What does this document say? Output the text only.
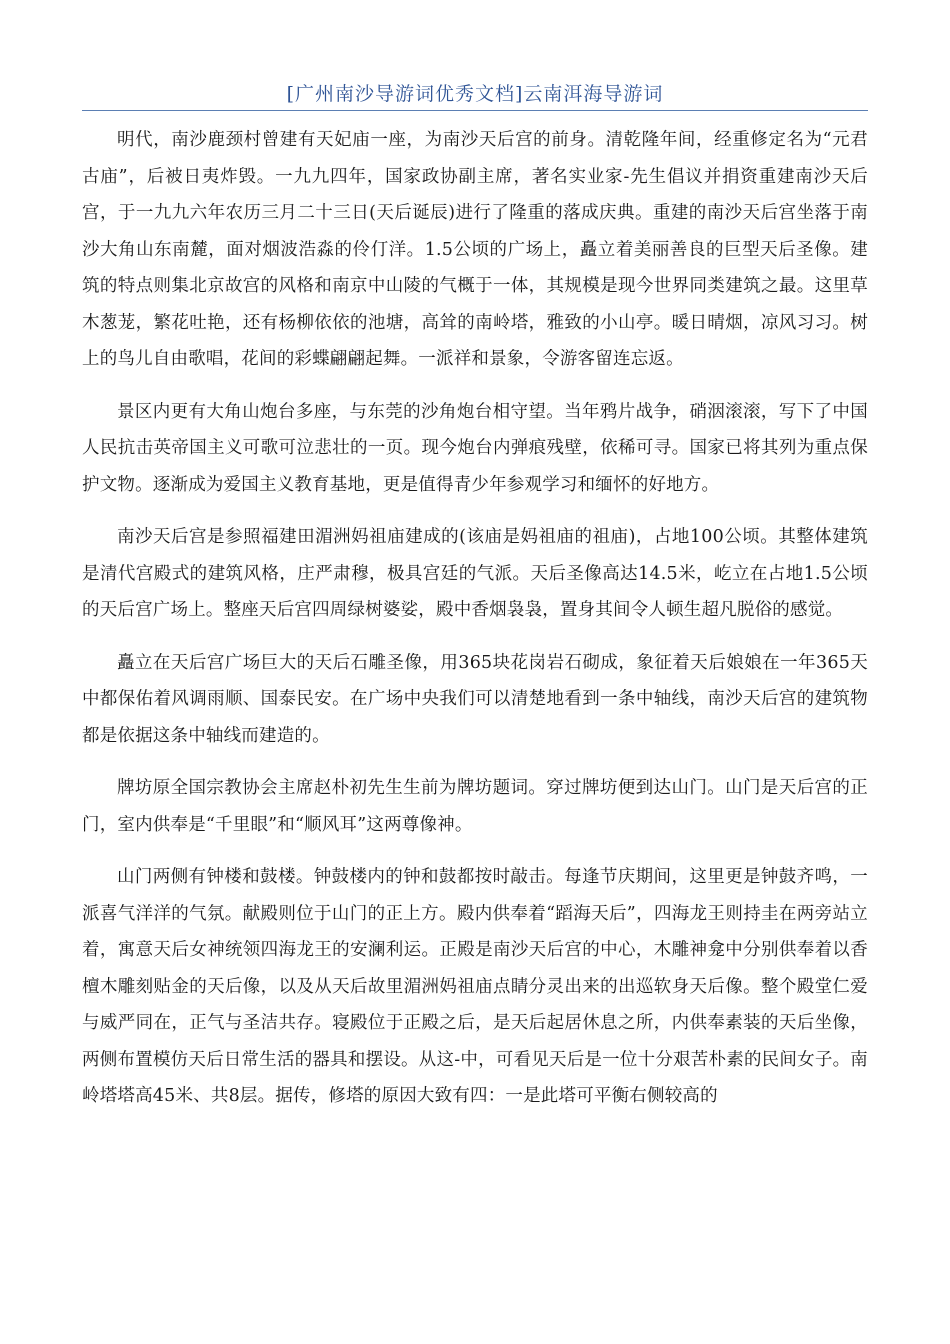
[广州南沙导游词优秀文档]云南洱海导游词

明代，南沙鹿颈村曾建有天妃庙一座，为南沙天后宫的前身。清乾隆年间，经重修定名为“元君古庙”，后被日夷炸毁。一九九四年，国家政协副主席，著名实业家-先生倡议并捐资重建南沙天后宫，于一九九六年农历三月二十三日(天后诞辰)进行了隆重的落成庆典。重建的南沙天后宫坐落于南沙大角山东南麓，面对烟波浩淼的伶仃洋。1.5公顷的广场上，矗立着美丽善良的巨型天后圣像。建筑的特点则集北京故宫的风格和南京中山陵的气概于一体，其规模是现今世界同类建筑之最。这里草木葱茏，繁花吐艳，还有杨柳依依的池塘，高耸的南岭塔，雅致的小山亭。暖日晴烟，凉风习习。树上的鸟儿自由歌唱，花间的彩蝶翩翩起舞。一派祥和景象，令游客留连忘返。

景区内更有大角山炮台多座，与东莞的沙角炮台相守望。当年鸦片战争，硝洇滚滚，写下了中国人民抗击英帝国主义可歌可泣悲壮的一页。现今炮台内弹痕残壁，依稀可寻。国家已将其列为重点保护文物。逐渐成为爱国主义教育基地，更是值得青少年参观学习和缅怀的好地方。

南沙天后宫是参照福建田湄洲妈祖庙建成的(该庙是妈祖庙的祖庙)，占地100公顷。其整体建筑是清代宫殿式的建筑风格，庄严肃穆，极具宫廷的气派。天后圣像高达14.5米，屹立在占地1.5公顷的天后宫广场上。整座天后宫四周绿树婆娑，殿中香烟袅袅，置身其间令人顿生超凡脱俗的感觉。

矗立在天后宫广场巨大的天后石雕圣像，用365块花岗岩石砌成，象征着天后娘娘在一年365天中都保佑着风调雨顺、国泰民安。在广场中央我们可以清楚地看到一条中轴线，南沙天后宫的建筑物都是依据这条中轴线而建造的。

牌坊原全国宗教协会主席赵朴初先生生前为牌坊题词。穿过牌坊便到达山门。山门是天后宫的正门，室内供奉是“千里眼”和“顺风耳”这两尊像神。

山门两侧有钟楼和鼓楼。钟鼓楼内的钟和鼓都按时敲击。每逢节庆期间，这里更是钟鼓齐鸣，一派喜气洋洋的气氛。献殿则位于山门的正上方。殿内供奉着“蹈海天后”，四海龙王则持圭在两旁站立着，寓意天后女神统领四海龙王的安澜利运。正殿是南沙天后宫的中心，木雕神龛中分别供奉着以香檀木雕刻贴金的天后像，以及从天后故里湄洲妈祖庙点睛分灵出来的出巡软身天后像。整个殿堂仁爱与威严同在，正气与圣洁共存。寝殿位于正殿之后，是天后起居休息之所，内供奉素装的天后坐像，两侧布置模仿天后日常生活的器具和摆设。从这-中，可看见天后是一位十分艰苦朴素的民间女子。南岭塔塔高45米、共8层。据传，修塔的原因大致有四：一是此塔可平衡右侧较高的
